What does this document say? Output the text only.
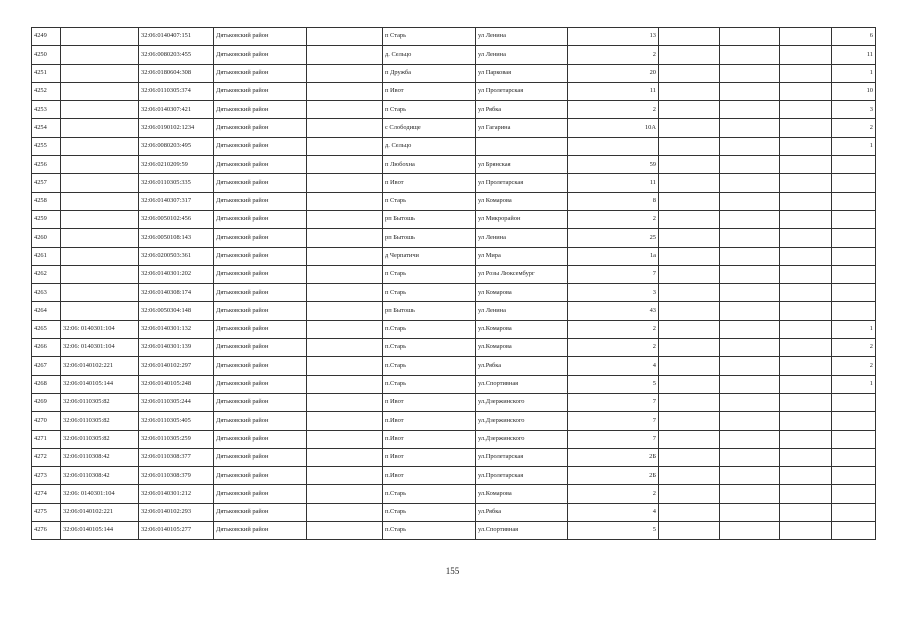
4249		32:06:0140407:151	Дятьковский район		п Старь	ул Ленина	13				6
4250		32:06:0080203:455	Дятьковский район		д. Сельцо	ул Ленина	2				11
4251		32:06:0180604:308	Дятьковский район		п Дружба	ул Парковая	20				1
4252		32:06:0110305:374	Дятьковский район		п Ивот	ул Пролетарская	11				10
4253		32:06:0140307:421	Дятьковский район		п Старь	ул Рябка	2				3
4254		32:06:0190102:1234	Дятьковский район		с Слободище	ул Гагарина	10А				2
4255		32:06:0080203:495	Дятьковский район		д. Сельцо						1
4256		32:06:0210209:59	Дятьковский район		п Любохна	ул Брянская	59				
4257		32:06:0110305:335	Дятьковский район		п Ивот	ул Пролетарская	11				
4258		32:06:0140307:317	Дятьковский район		п Старь	ул Комарова	8				
4259		32:06:0050102:456	Дятьковский район		рп Бытошь	ул Микрорайон	2				
4260		32:06:0050108:143	Дятьковский район		рп Бытошь	ул Ленина	25				
4261		32:06:0200503:361	Дятьковский район		д Черпатичи	ул Мира	1а				
4262		32:06:0140301:202	Дятьковский район		п Старь	ул Розы Люксембург	7				
4263		32:06:0140308:174	Дятьковский район		п Старь	ул Комарова	3				
4264		32:06:0050304:148	Дятьковский район		рп Бытошь	ул Ленина	43				
4265	32:06: 0140301:104	32:06:0140301:132	Дятьковский район		п.Старь	ул.Комарова	2				1
4266	32:06: 0140301:104	32:06:0140301:139	Дятьковский район		п.Старь	ул.Комарова	2				2
4267	32:06:0140102:221	32:06:0140102:297	Дятьковский район		п.Старь	ул.Рябка	4				2
4268	32:06:0140105:144	32:06:0140105:248	Дятьковский район		п.Старь	ул.Спортивная	5				1
4269	32:06:0110305:82	32:06:0110305:244	Дятьковский район		п Ивот	ул.Дзержинского	7				
4270	32:06:0110305:82	32:06:0110305:405	Дятьковский район		п.Ивот	ул.Дзержинского	7				
4271	32:06:0110305:82	32:06:0110305:259	Дятьковский район		п.Ивот	ул.Дзержинского	7				
4272	32:06:0110308:42	32:06:0110308:377	Дятьковский район		п Ивот	ул.Пролетарская	2Б				
4273	32:06:0110308:42	32:06:0110308:379	Дятьковский район		п.Ивот	ул.Пролетарская	2Б				
4274	32:06: 0140301:104	32:06:0140301:212	Дятьковский район		п.Старь	ул.Комарова	2				
4275	32:06:0140102:221	32:06:0140102:293	Дятьковский район		п.Старь	ул.Рябка	4				
4276	32:06:0140105:144	32:06:0140105:277	Дятьковский район		п.Старь	ул.Спортивная	5				
155
